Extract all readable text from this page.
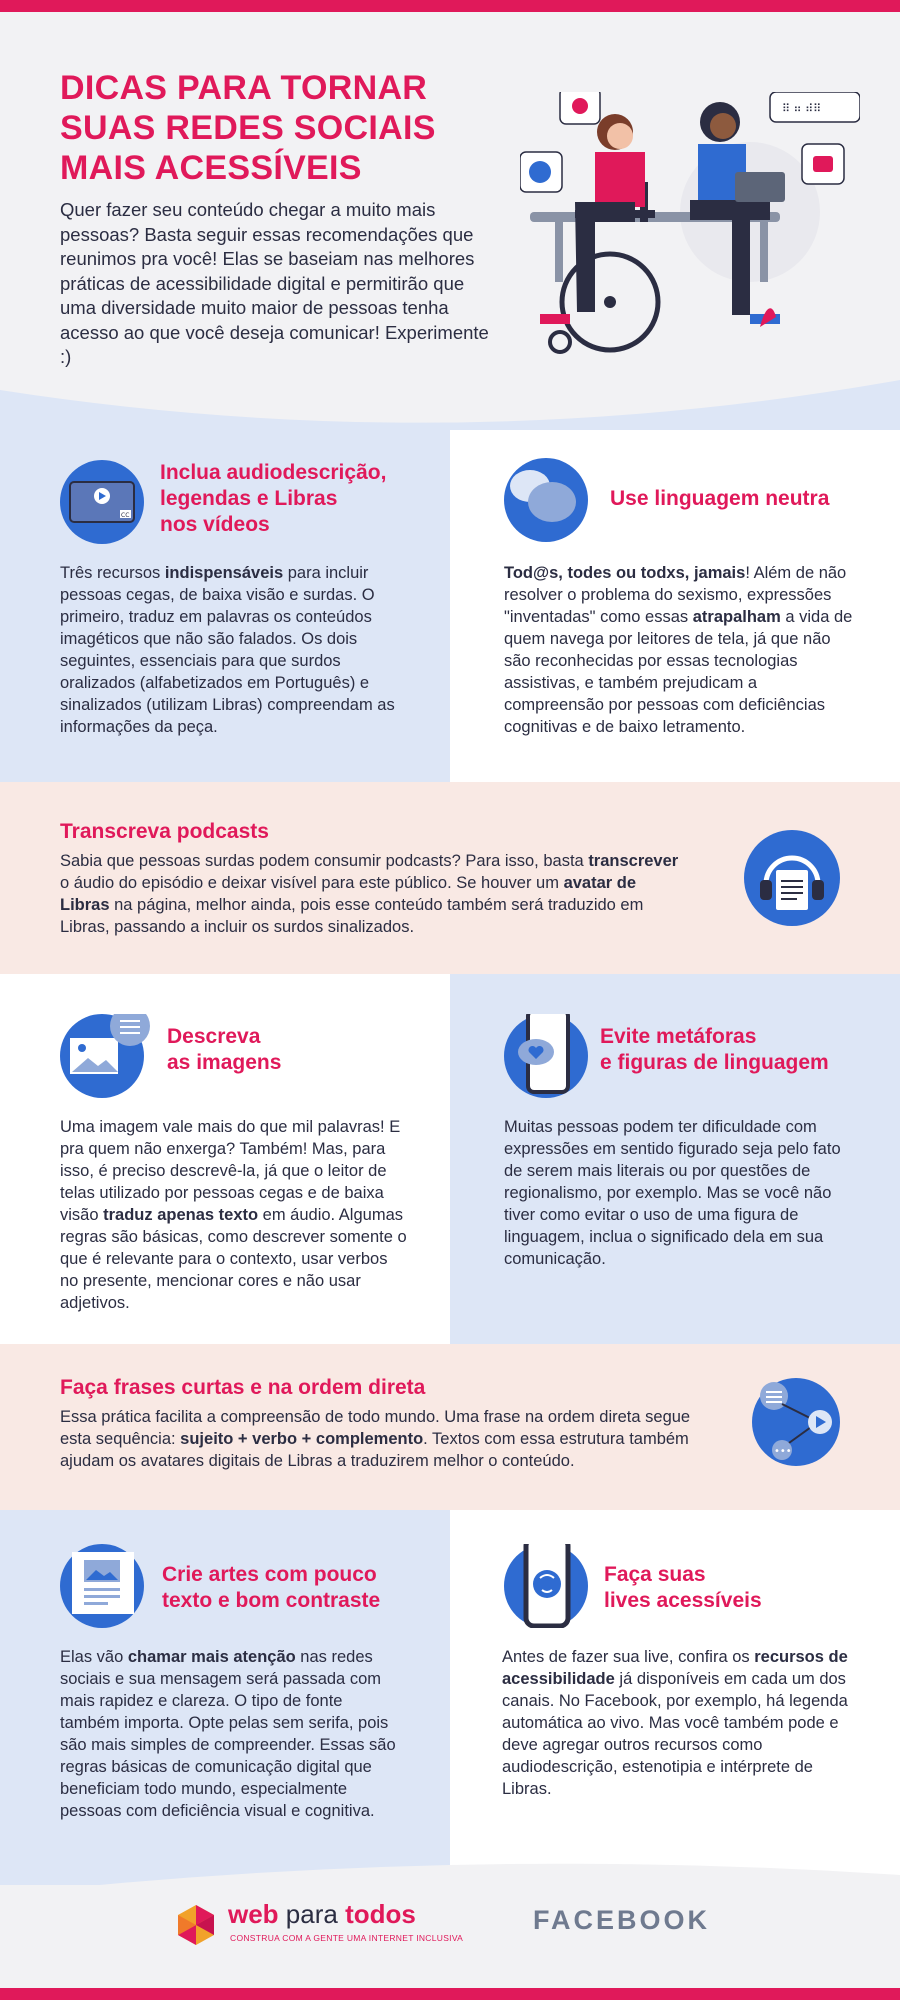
DICAS PARA TORNAR
SUAS REDES SOCIAIS
MAIS ACESSÍVEIS

Quer fazer seu conteúdo chegar a muito mais pessoas? Basta seguir essas recomendações que reunimos pra você! Elas se baseiam nas melhores práticas de acessibilidade digital e permitirão que uma diversidade muito maior de pessoas tenha acesso ao que você deseja comunicar! Experimente :)

⠿ ⠶ ⠾⠿
CC
Inclua audiodescrição,
legendas e Libras
nos vídeos

Três recursos indispensáveis para incluir pessoas cegas, de baixa visão e surdas. O primeiro, traduz em palavras os conteúdos imagéticos que não são falados. Os dois seguintes, essenciais para que surdos oralizados (alfabetizados em Português) e sinalizados (utilizam Libras) compreendam as informações da peça.

Use linguagem neutra

Tod@s, todes ou todxs, jamais! Além de não resolver o problema do sexismo, expressões "inventadas" como essas atrapalham a vida de quem navega por leitores de tela, já que não são reconhecidas por essas tecnologias assistivas, e também prejudicam a compreensão por pessoas com deficiências cognitivas e de baixo letramento.

Transcreva podcasts

Sabia que pessoas surdas podem consumir podcasts? Para isso, basta transcrever o áudio do episódio e deixar visível para este público. Se houver um avatar de Libras na página, melhor ainda, pois esse conteúdo também será traduzido em Libras, passando a incluir os surdos sinalizados.

Descreva
as imagens

Uma imagem vale mais do que mil palavras! E pra quem não enxerga? Também! Mas, para isso, é preciso descrevê-la, já que o leitor de telas utilizado por pessoas cegas e de baixa visão traduz apenas texto em áudio. Algumas regras são básicas, como descrever somente o que é relevante para o contexto, usar verbos no presente, mencionar cores e não usar adjetivos.

Evite metáforas
e figuras de linguagem

Muitas pessoas podem ter dificuldade com expressões em sentido figurado seja pelo fato de serem mais literais ou por questões de regionalismo, por exemplo. Mas se você não tiver como evitar o uso de uma figura de linguagem, inclua o significado dela em sua comunicação.

Faça frases curtas e na ordem direta

Essa prática facilita a compreensão de todo mundo. Uma frase na ordem direta segue esta sequência: sujeito + verbo + complemento. Textos com essa estrutura também ajudam os avatares digitais de Libras a traduzirem melhor o conteúdo.

•••
Crie artes com pouco
texto e bom contraste

Elas vão chamar mais atenção nas redes sociais e sua mensagem será passada com mais rapidez e clareza. O tipo de fonte também importa. Opte pelas sem serifa, pois são mais simples de compreender. Essas são regras básicas de comunicação digital que beneficiam todo mundo, especialmente pessoas com deficiência visual e cognitiva.

Faça suas
lives acessíveis

Antes de fazer sua live, confira os recursos de acessibilidade já disponíveis em cada um dos canais. No Facebook, por exemplo, há legenda automática ao vivo. Mas você também pode e deve agregar outros recursos como audiodescrição, estenotipia e intérprete de Libras.

web para todos
CONSTRUA COM A GENTE UMA INTERNET INCLUSIVA
FACEBOOK
